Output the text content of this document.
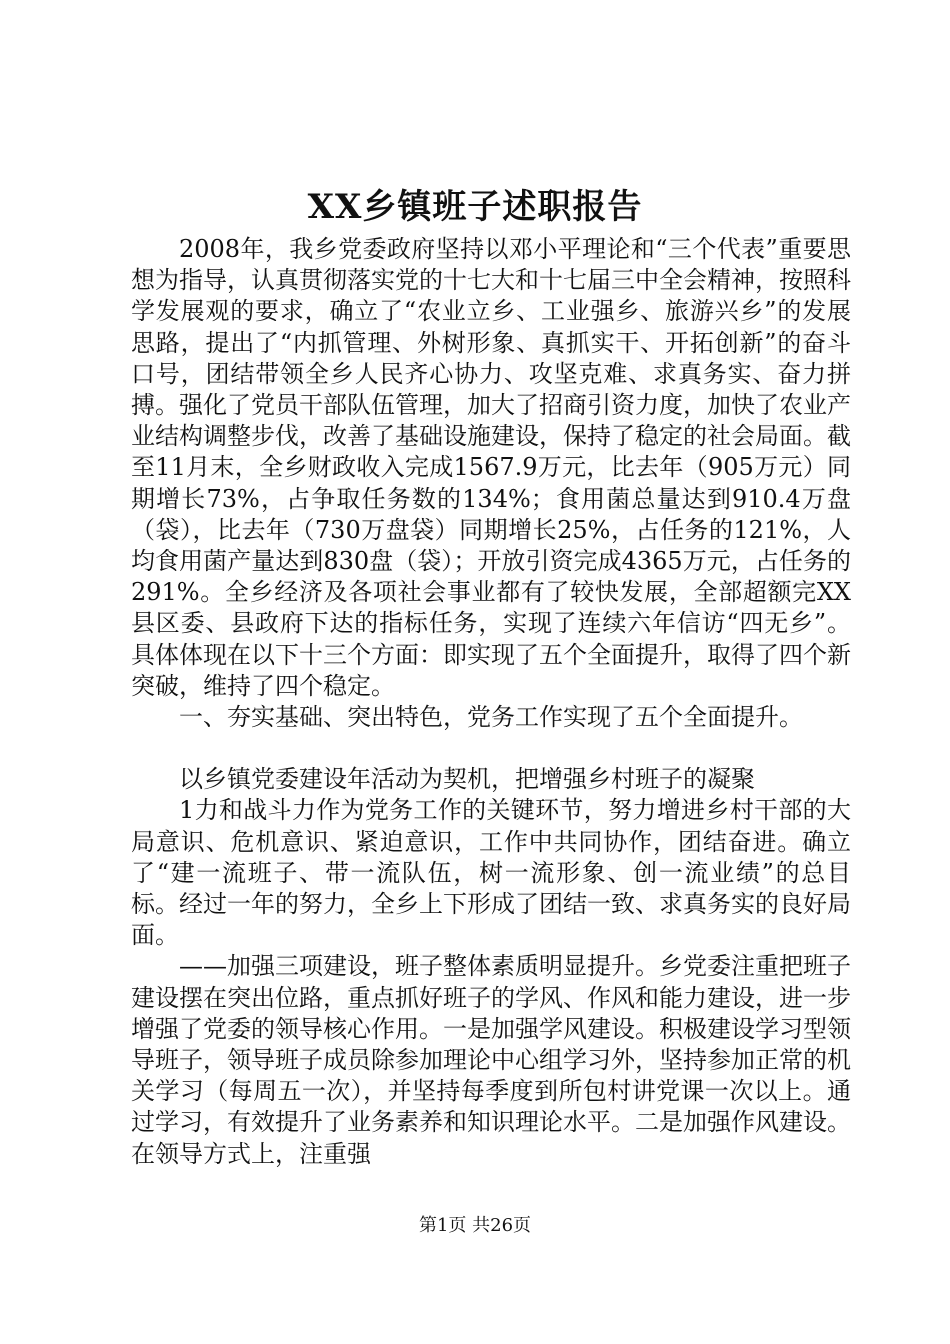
XX乡镇班子述职报告

2008年，我乡党委政府坚持以邓小平理论和“三个代表”重要思想为指导，认真贯彻落实党的十七大和十七届三中全会精神，按照科学发展观的要求，确立了“农业立乡、工业强乡、旅游兴乡”的发展思路，提出了“内抓管理、外树形象、真抓实干、开拓创新”的奋斗口号，团结带领全乡人民齐心协力、攻坚克难、求真务实、奋力拼搏。强化了党员干部队伍管理，加大了招商引资力度，加快了农业产业结构调整步伐，改善了基础设施建设，保持了稳定的社会局面。截至11月末，全乡财政收入完成1567.9万元，比去年（905万元）同期增长73%，占争取任务数的134%；食用菌总量达到910.4万盘（袋），比去年（730万盘袋）同期增长25%，占任务的121%，人均食用菌产量达到830盘（袋）；开放引资完成4365万元，占任务的291%。全乡经济及各项社会事业都有了较快发展，全部超额完XX县区委、县政府下达的指标任务，实现了连续六年信访“四无乡”。具体体现在以下十三个方面：即实现了五个全面提升，取得了四个新突破，维持了四个稳定。

一、夯实基础、突出特色，党务工作实现了五个全面提升。

以乡镇党委建设年活动为契机，把增强乡村班子的凝聚

1力和战斗力作为党务工作的关键环节，努力增进乡村干部的大局意识、危机意识、紧迫意识，工作中共同协作，团结奋进。确立了“建一流班子、带一流队伍，树一流形象、创一流业绩”的总目标。经过一年的努力，全乡上下形成了团结一致、求真务实的良好局面。

——加强三项建设，班子整体素质明显提升。乡党委注重把班子建设摆在突出位路，重点抓好班子的学风、作风和能力建设，进一步增强了党委的领导核心作用。一是加强学风建设。积极建设学习型领导班子，领导班子成员除参加理论中心组学习外，坚持参加正常的机关学习（每周五一次），并坚持每季度到所包村讲党课一次以上。通过学习，有效提升了业务素养和知识理论水平。二是加强作风建设。在领导方式上，注重强

第1页 共26页
